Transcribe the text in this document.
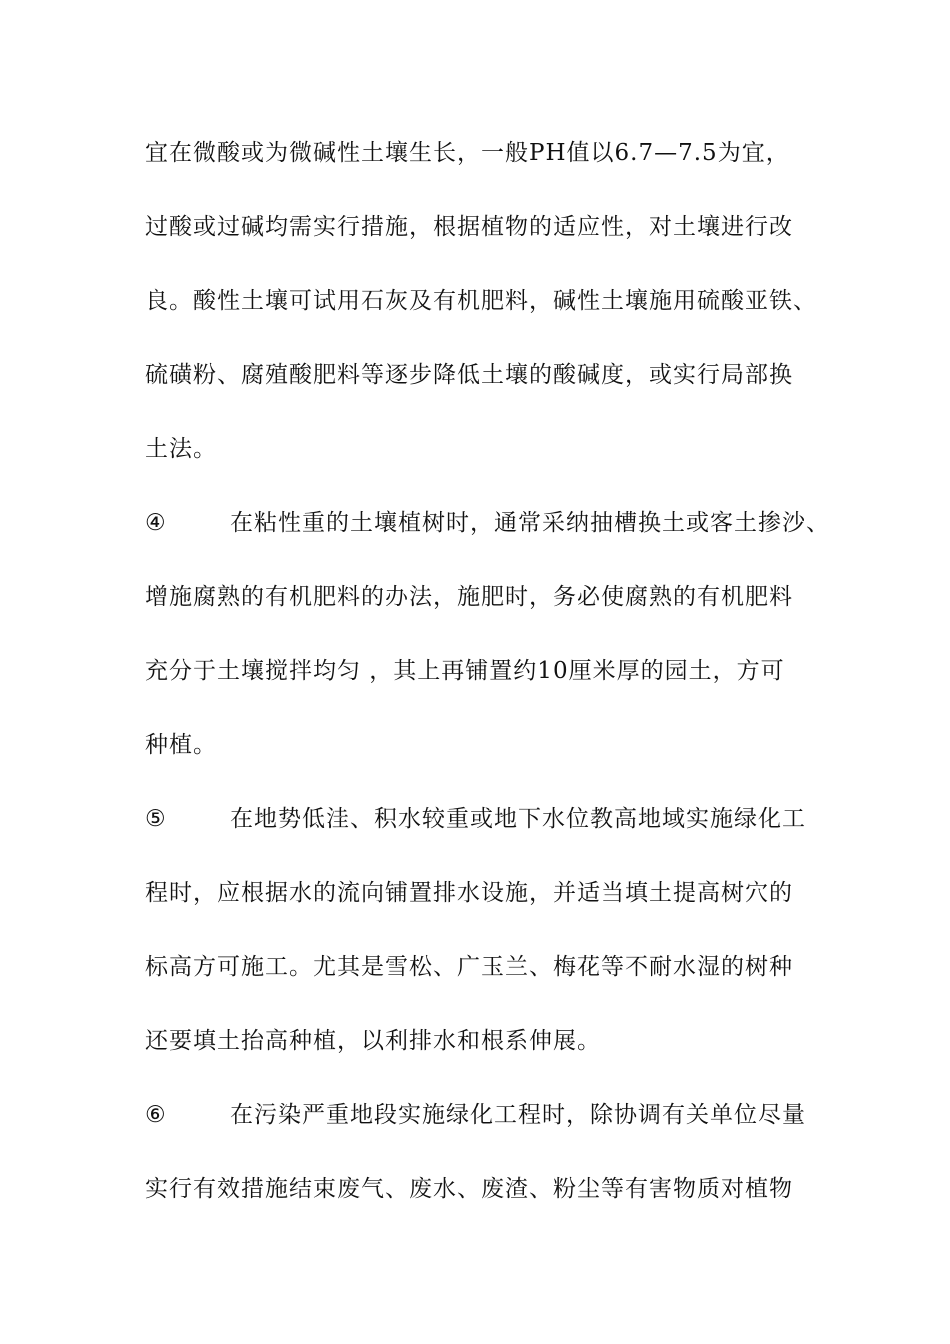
宜在微酸或为微碱性土壤生长，一般PH值以6.7—7.5为宜，
过酸或过碱均需实行措施，根据植物的适应性，对土壤进行改
良。酸性土壤可试用石灰及有机肥料，碱性土壤施用硫酸亚铁、
硫磺粉、腐殖酸肥料等逐步降低土壤的酸碱度，或实行局部换
土法。
④	在粘性重的土壤植树时，通常采纳抽槽换土或客土掺沙、
增施腐熟的有机肥料的办法，施肥时，务必使腐熟的有机肥料
充分于土壤搅拌均匀 ，其上再铺置约10厘米厚的园土，方可
种植。
⑤	在地势低洼、积水较重或地下水位教高地域实施绿化工
程时，应根据水的流向铺置排水设施，并适当填土提高树穴的
标高方可施工。尤其是雪松、广玉兰、梅花等不耐水湿的树种
还要填土抬高种植，以利排水和根系伸展。
⑥	在污染严重地段实施绿化工程时，除协调有关单位尽量
实行有效措施结束废气、废水、废渣、粉尘等有害物质对植物
